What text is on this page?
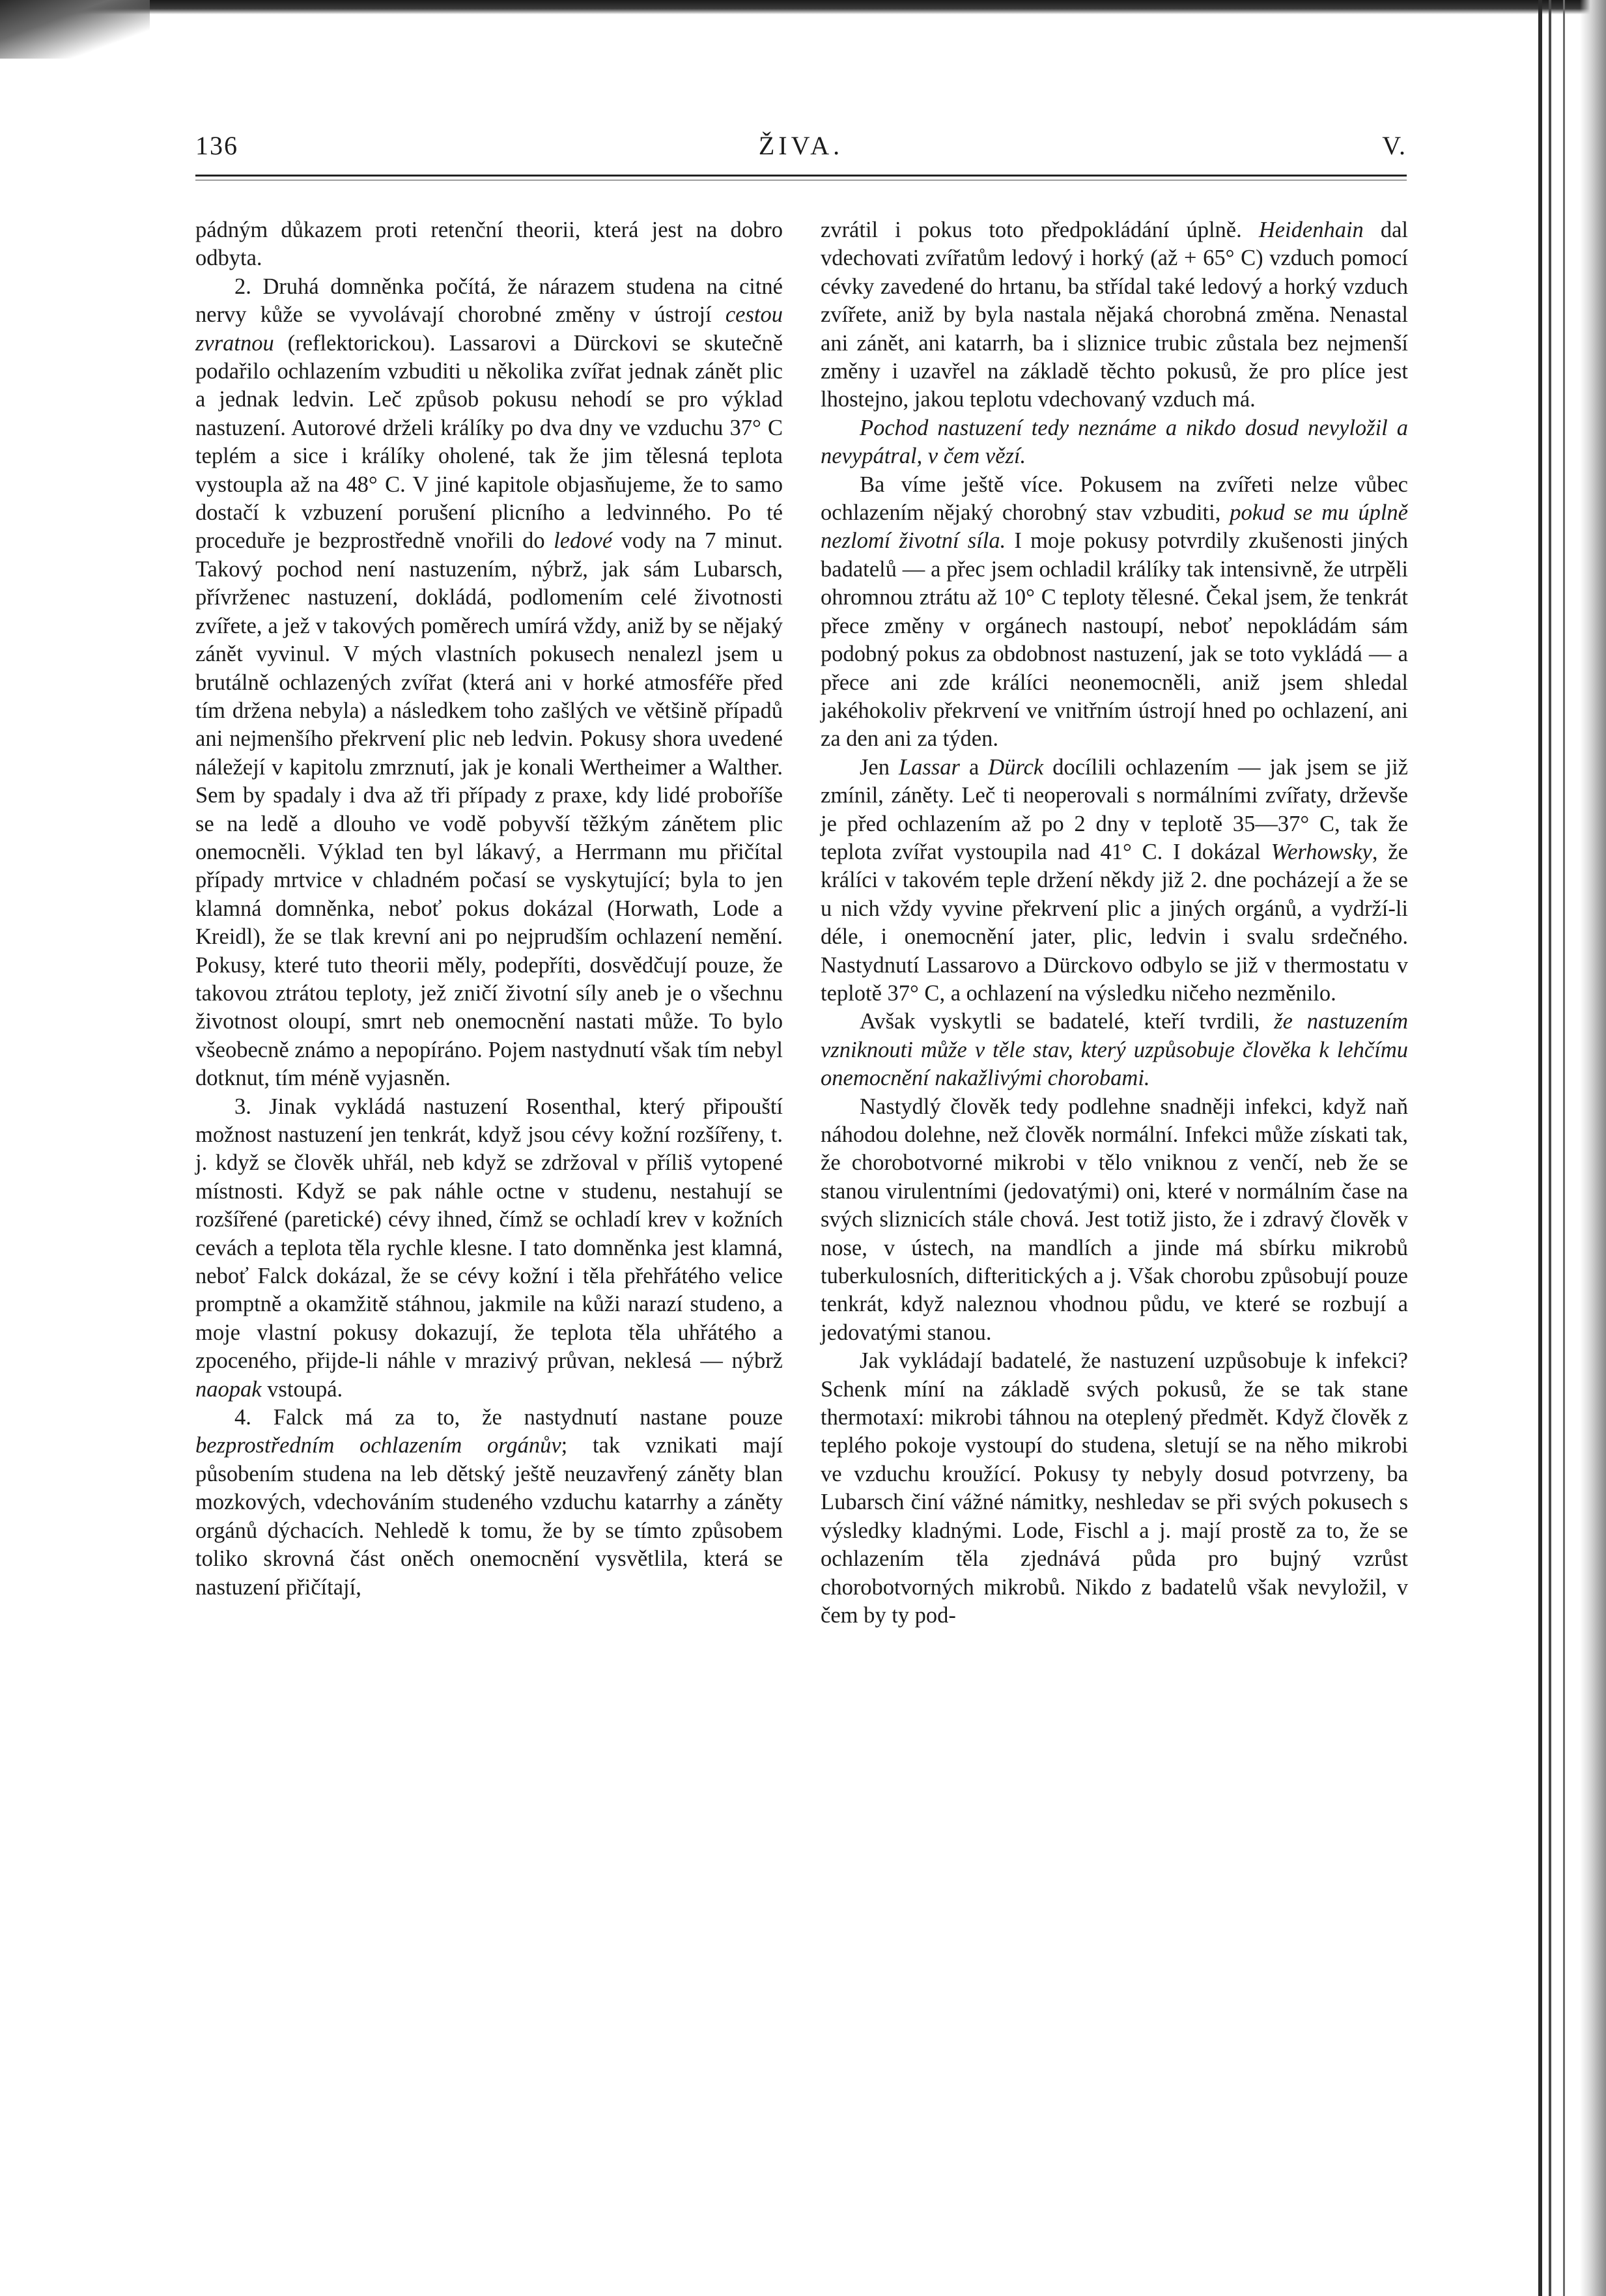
136	ŽIVA.	V.

pádným důkazem proti retenční theorii, která jest na dobro odbyta.

2. Druhá domněnka počítá, že nárazem studena na citné nervy kůže se vyvolávají chorobné změny v ústrojí cestou zvratnou (reflektorickou). Lassarovi a Dürckovi se skutečně podařilo ochlazením vzbuditi u několika zvířat jednak zánět plic a jednak ledvin. Leč způsob pokusu nehodí se pro výklad nastuzení. Autorové drželi králíky po dva dny ve vzduchu 37° C teplém a sice i králíky oholené, tak že jim tělesná teplota vystoupla až na 48° C. V jiné kapitole objasňujeme, že to samo dostačí k vzbuzení porušení plicního a ledvinného. Po té proceduře je bezprostředně vnořili do ledové vody na 7 minut. Takový pochod není nastuzením, nýbrž, jak sám Lubarsch, přívrženec nastuzení, dokládá, podlomením celé životnosti zvířete, a jež v takových poměrech umírá vždy, aniž by se nějaký zánět vyvinul. V mých vlastních pokusech nenalezl jsem u brutálně ochlazených zvířat (která ani v horké atmosféře před tím držena nebyla) a následkem toho zašlých ve většině případů ani nejmenšího překrvení plic neb ledvin. Pokusy shora uvedené náležejí v kapitolu zmrznutí, jak je konali Wertheimer a Walther. Sem by spadaly i dva až tři případy z praxe, kdy lidé proboříše se na ledě a dlouho ve vodě pobyvší těžkým zánětem plic onemocněli. Výklad ten byl lákavý, a Herrmann mu přičítal případy mrtvice v chladném počasí se vyskytující; byla to jen klamná domněnka, neboť pokus dokázal (Horwath, Lode a Kreidl), že se tlak krevní ani po nejprudším ochlazení nemění. Pokusy, které tuto theorii měly, podepříti, dosvědčují pouze, že takovou ztrátou teploty, jež zničí životní síly aneb je o všechnu životnost oloupí, smrt neb onemocnění nastati může. To bylo všeobecně známo a nepopíráno. Pojem nastydnutí však tím nebyl dotknut, tím méně vyjasněn.

3. Jinak vykládá nastuzení Rosenthal, který připouští možnost nastuzení jen tenkrát, když jsou cévy kožní rozšířeny, t. j. když se člověk uhřál, neb když se zdržoval v příliš vytopené místnosti. Když se pak náhle octne v studenu, nestahují se rozšířené (paretické) cévy ihned, čímž se ochladí krev v kožních cevách a teplota těla rychle klesne. I tato domněnka jest klamná, neboť Falck dokázal, že se cévy kožní i těla přehřátého velice promptně a okamžitě stáhnou, jakmile na kůži narazí studeno, a moje vlastní pokusy dokazují, že teplota těla uhřátého a zpoceného, přijde-li náhle v mrazivý průvan, neklesá — nýbrž naopak vstoupá.

4. Falck má za to, že nastydnutí nastane pouze bezprostředním ochlazením orgánův; tak vznikati mají působením studena na leb dětský ještě neuzavřený záněty blan mozkových, vdechováním studeného vzduchu katarrhy a záněty orgánů dýchacích. Nehledě k tomu, že by se tímto způsobem toliko skrovná část oněch onemocnění vysvětlila, která se nastuzení přičítají,

zvrátil i pokus toto předpokládání úplně. Heidenhain dal vdechovati zvířatům ledový i horký (až + 65° C) vzduch pomocí cévky zavedené do hrtanu, ba střídal také ledový a horký vzduch zvířete, aniž by byla nastala nějaká chorobná změna. Nenastal ani zánět, ani katarrh, ba i sliznice trubic zůstala bez nejmenší změny i uzavřel na základě těchto pokusů, že pro plíce jest lhostejno, jakou teplotu vdechovaný vzduch má.

Pochod nastuzení tedy neznáme a nikdo dosud nevyložil a nevypátral, v čem vězí.

Ba víme ještě více. Pokusem na zvířeti nelze vůbec ochlazením nějaký chorobný stav vzbuditi, pokud se mu úplně nezlomí životní síla. I moje pokusy potvrdily zkušenosti jiných badatelů — a přec jsem ochladil králíky tak intensivně, že utrpěli ohromnou ztrátu až 10° C teploty tělesné. Čekal jsem, že tenkrát přece změny v orgánech nastoupí, neboť nepokládám sám podobný pokus za obdobnost nastuzení, jak se toto vykládá — a přece ani zde králíci neonemocněli, aniž jsem shledal jakéhokoliv překrvení ve vnitřním ústrojí hned po ochlazení, ani za den ani za týden.

Jen Lassar a Dürck docílili ochlazením — jak jsem se již zmínil, záněty. Leč ti neoperovali s normálními zvířaty, drževše je před ochlazením až po 2 dny v teplotě 35—37° C, tak že teplota zvířat vystoupila nad 41° C. I dokázal Werhowsky, že králíci v takovém teple držení někdy již 2. dne pocházejí a že se u nich vždy vyvine překrvení plic a jiných orgánů, a vydrží-li déle, i onemocnění jater, plic, ledvin i svalu srdečného. Nastydnutí Lassarovo a Dürckovo odbylo se již v thermostatu v teplotě 37° C, a ochlazení na výsledku ničeho nezměnilo.

Avšak vyskytli se badatelé, kteří tvrdili, že nastuzením vzniknouti může v těle stav, který uzpůsobuje člověka k lehčímu onemocnění nakažlivými chorobami.

Nastydlý člověk tedy podlehne snadněji infekci, když naň náhodou dolehne, než člověk normální. Infekci může získati tak, že chorobotvorné mikrobi v tělo vniknou z venčí, neb že se stanou virulentními (jedovatými) oni, které v normálním čase na svých sliznicích stále chová. Jest totiž jisto, že i zdravý člověk v nose, v ústech, na mandlích a jinde má sbírku mikrobů tuberkulosních, difteritických a j. Však chorobu způsobují pouze tenkrát, když naleznou vhodnou půdu, ve které se rozbují a jedovatými stanou.

Jak vykládají badatelé, že nastuzení uzpůsobuje k infekci? Schenk míní na základě svých pokusů, že se tak stane thermotaxí: mikrobi táhnou na oteplený předmět. Když člověk z teplého pokoje vystoupí do studena, sletují se na něho mikrobi ve vzduchu kroužící. Pokusy ty nebyly dosud potvrzeny, ba Lubarsch činí vážné námitky, neshledav se při svých pokusech s výsledky kladnými. Lode, Fischl a j. mají prostě za to, že se ochlazením těla zjednává půda pro bujný vzrůst chorobotvorných mikrobů. Nikdo z badatelů však nevyložil, v čem by ty pod-
